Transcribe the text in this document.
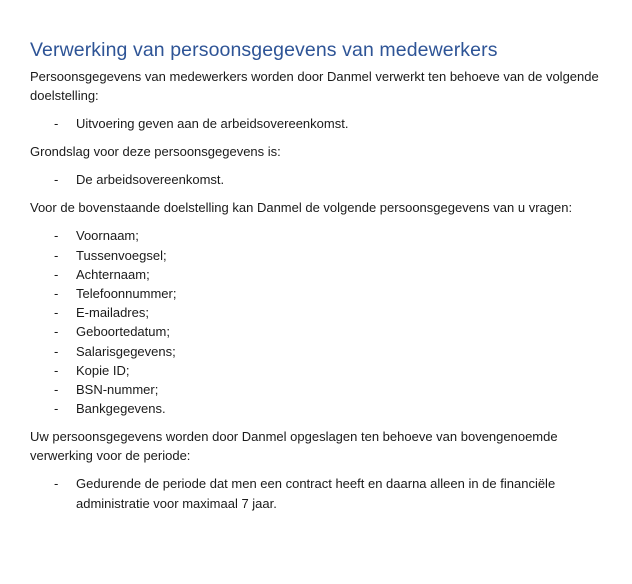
Verwerking van persoonsgegevens van medewerkers

Persoonsgegevens van medewerkers worden door Danmel verwerkt ten behoeve van de volgende doelstelling:

- Uitvoering geven aan de arbeidsovereenkomst.

Grondslag voor deze persoonsgegevens is:

- De arbeidsovereenkomst.

Voor de bovenstaande doelstelling kan Danmel de volgende persoonsgegevens van u vragen:

- Voornaam;
- Tussenvoegsel;
- Achternaam;
- Telefoonnummer;
- E-mailadres;
- Geboortedatum;
- Salarisgegevens;
- Kopie ID;
- BSN-nummer;
- Bankgegevens.

Uw persoonsgegevens worden door Danmel opgeslagen ten behoeve van bovengenoemde verwerking voor de periode:

- Gedurende de periode dat men een contract heeft en daarna alleen in de financiële administratie voor maximaal 7 jaar.
